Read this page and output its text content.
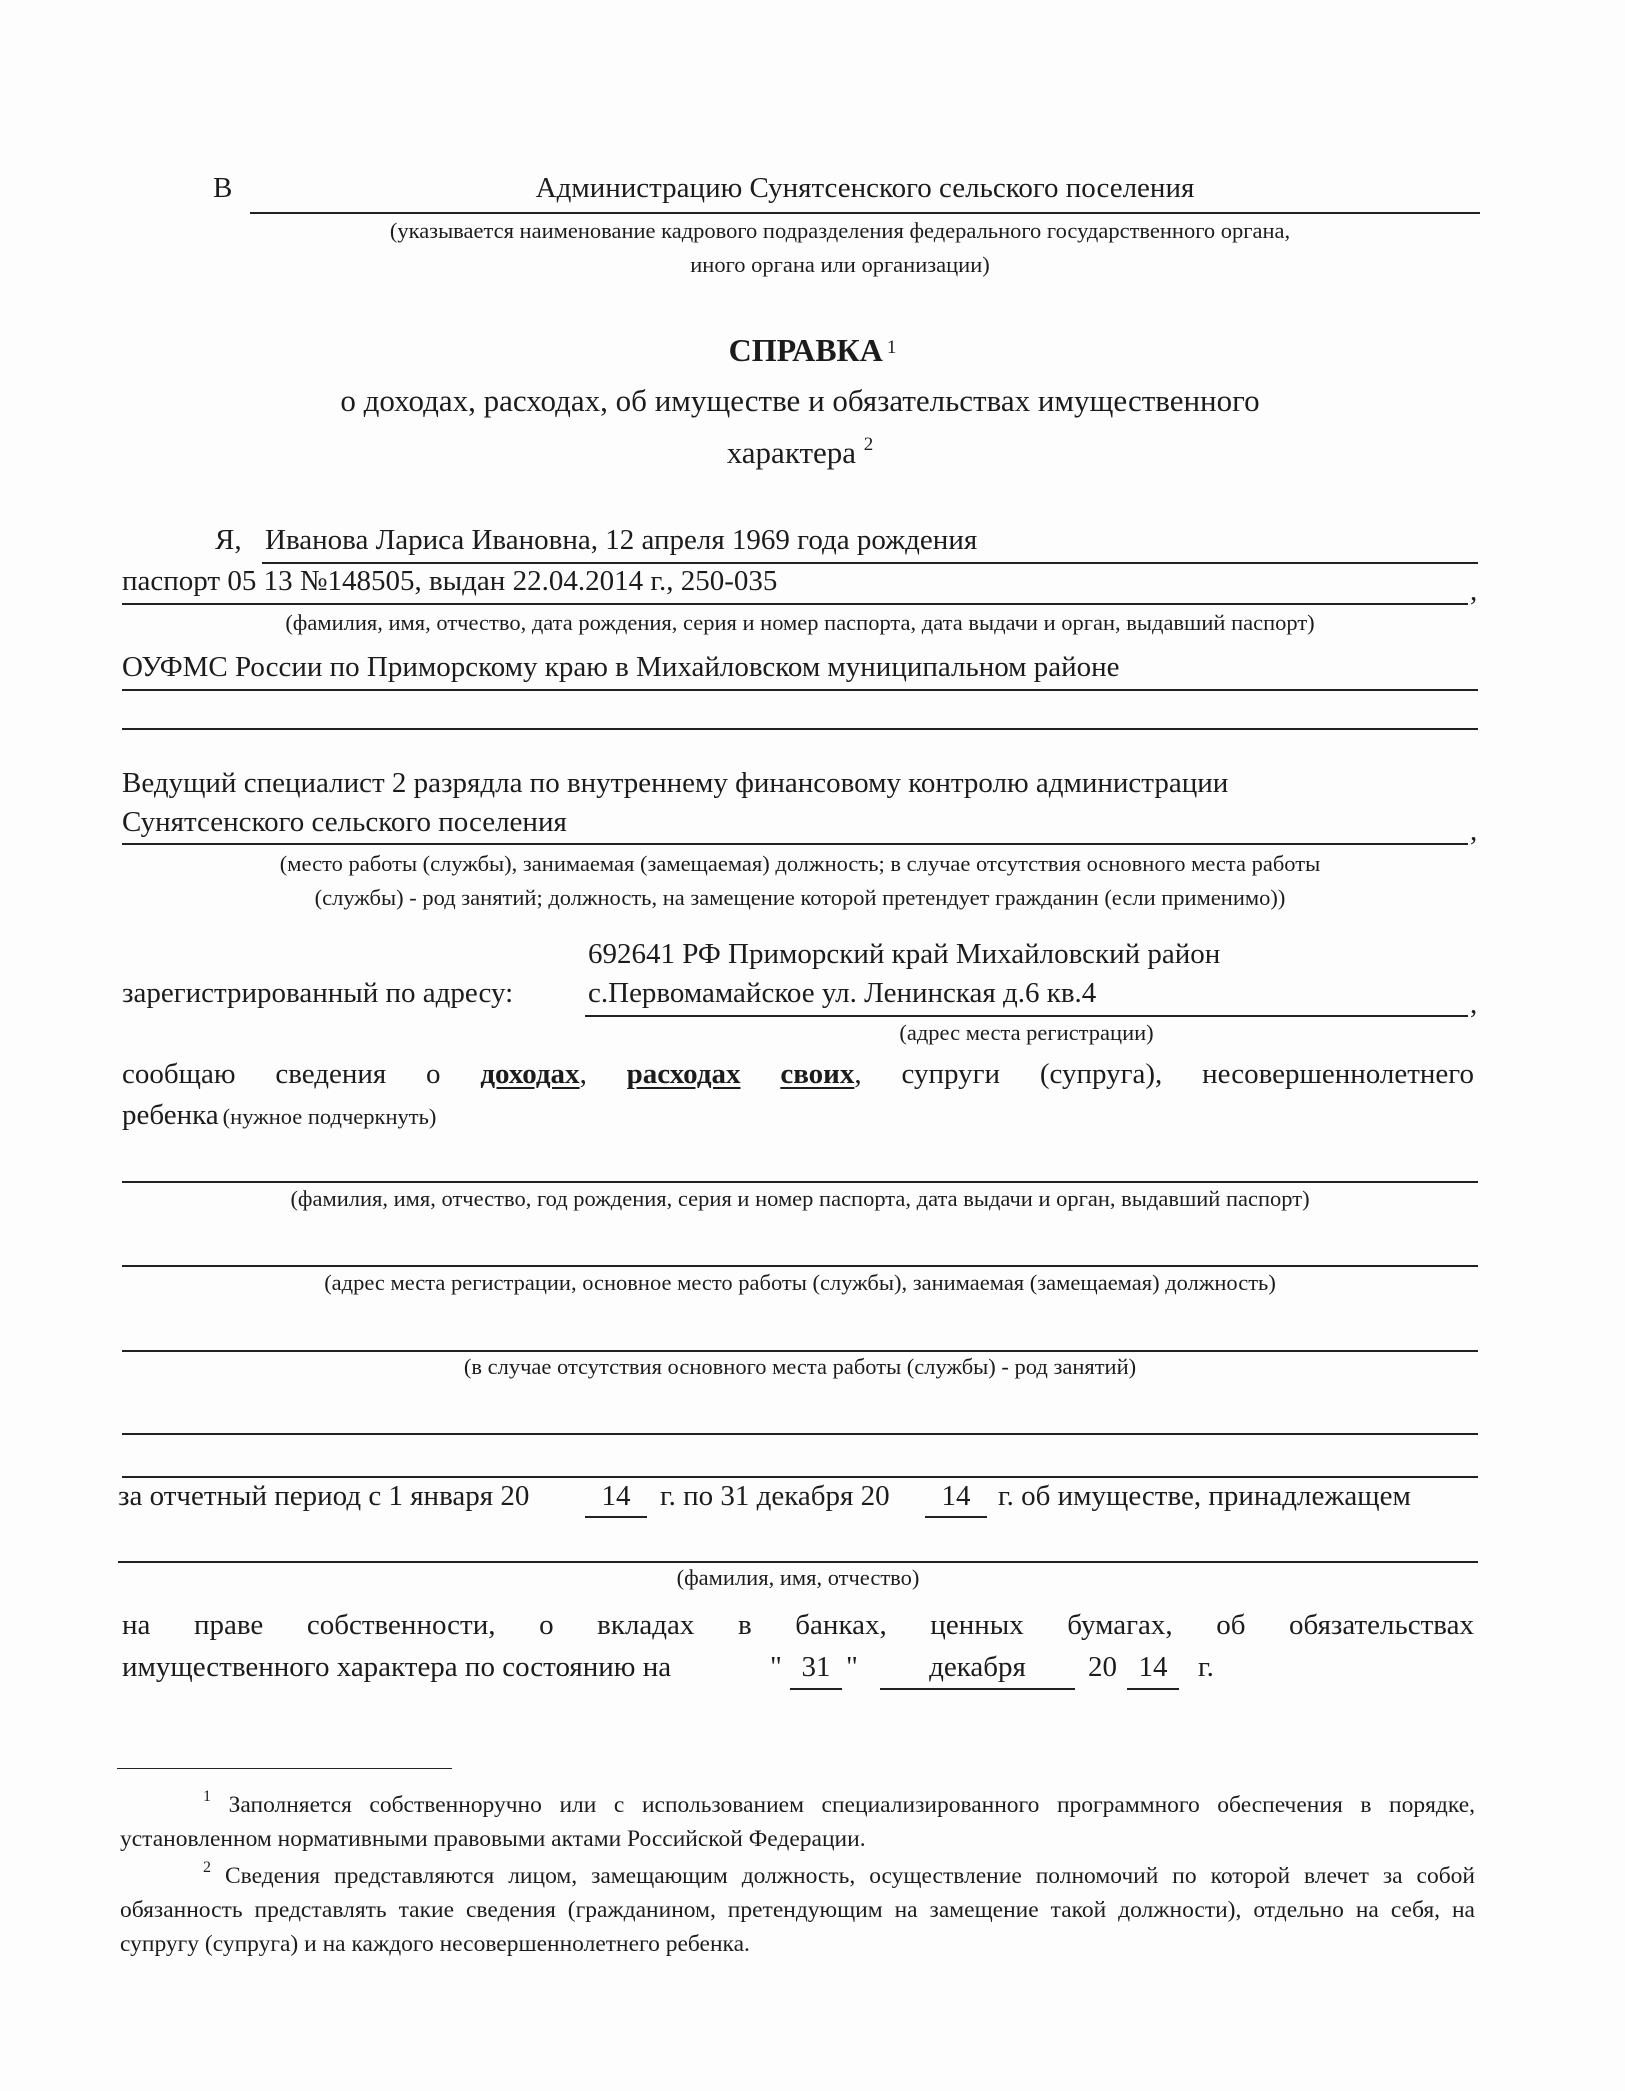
В	Администрацию Сунятсенского сельского поселения
(указывается наименование кадрового подразделения федерального государственного органа,
иного органа или организации)
СПРАВКА 1
о доходах, расходах, об имуществе и обязательствах имущественного
характера $^2$
Я, Иванова Лариса Ивановна, 12 апреля 1969 года рождения
паспорт 05 13 №148505, выдан 22.04.2014 г., 250-035	,
(фамилия, имя, отчество, дата рождения, серия и номер паспорта, дата выдачи и орган, выдавший паспорт)
ОУФМС России по Приморскому краю в Михайловском муниципальном районе
Ведущий специалист 2 разрядла по внутреннему финансовому контролю администрации
Сунятсенского сельского поселения	,
(место работы (службы), занимаемая (замещаемая) должность; в случае отсутствия основного места работы
(службы) - род занятий; должность, на замещение которой претендует гражданин (если применимо))
692641 РФ Приморский край Михайловский район
зарегистрированный по адресу:	с.Первомамайское ул. Ленинская д.6 кв.4	,
(адрес места регистрации)
сообщаю сведения о доходах, расходах своих, супруги (супруга), несовершеннолетнего
ребенка (нужное подчеркнуть)
(фамилия, имя, отчество, год рождения, серия и номер паспорта, дата выдачи и орган, выдавший паспорт)
(адрес места регистрации, основное место работы (службы), занимаемая (замещаемая) должность)
(в случае отсутствия основного места работы (службы) - род занятий)
за отчетный период с 1 января 20	14	г. по 31 декабря 20	14 г. об имуществе, принадлежащем
(фамилия, имя, отчество)
на праве собственности, о вкладах в банках, ценных бумагах, об обязательствах
имущественного характера по состоянию на	" 31 "	декабря	20 14	г.
$^1$ Заполняется собственноручно или с использованием специализированного программного обеспечения в порядке, установленном нормативными правовыми актами Российской Федерации.
$^2$ Сведения представляются лицом, замещающим должность, осуществление полномочий по которой влечет за собой обязанность представлять такие сведения (гражданином, претендующим на замещение такой должности), отдельно на себя, на супругу (супруга) и на каждого несовершеннолетнего ребенка.
